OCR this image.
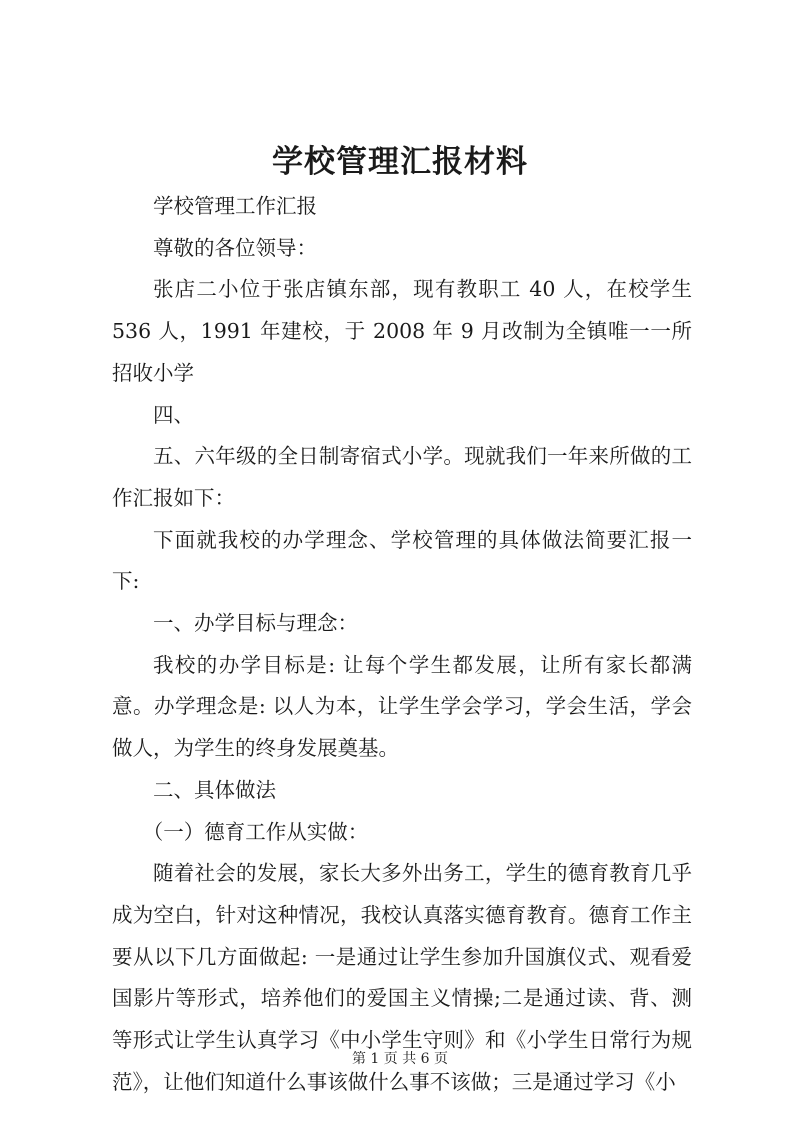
学校管理汇报材料

学校管理工作汇报

尊敬的各位领导：

张店二小位于张店镇东部，现有教职工 40 人，在校学生 536 人，1991 年建校，于 2008 年 9 月改制为全镇唯一一所招收小学

四、

五、六年级的全日制寄宿式小学。现就我们一年来所做的工作汇报如下：

下面就我校的办学理念、学校管理的具体做法简要汇报一下:

一、办学目标与理念：

我校的办学目标是: 让每个学生都发展，让所有家长都满意。办学理念是: 以人为本，让学生学会学习，学会生活，学会做人，为学生的终身发展奠基。

二、具体做法

（一）德育工作从实做：

随着社会的发展，家长大多外出务工，学生的德育教育几乎成为空白，针对这种情况，我校认真落实德育教育。德育工作主要从以下几方面做起: 一是通过让学生参加升国旗仪式、观看爱国影片等形式，培养他们的爱国主义情操;二是通过读、背、测等形式让学生认真学习《中小学生守则》和《小学生日常行为规范》，让他们知道什么事该做什么事不该做；三是通过学习《小

第 1 页 共 6 页
